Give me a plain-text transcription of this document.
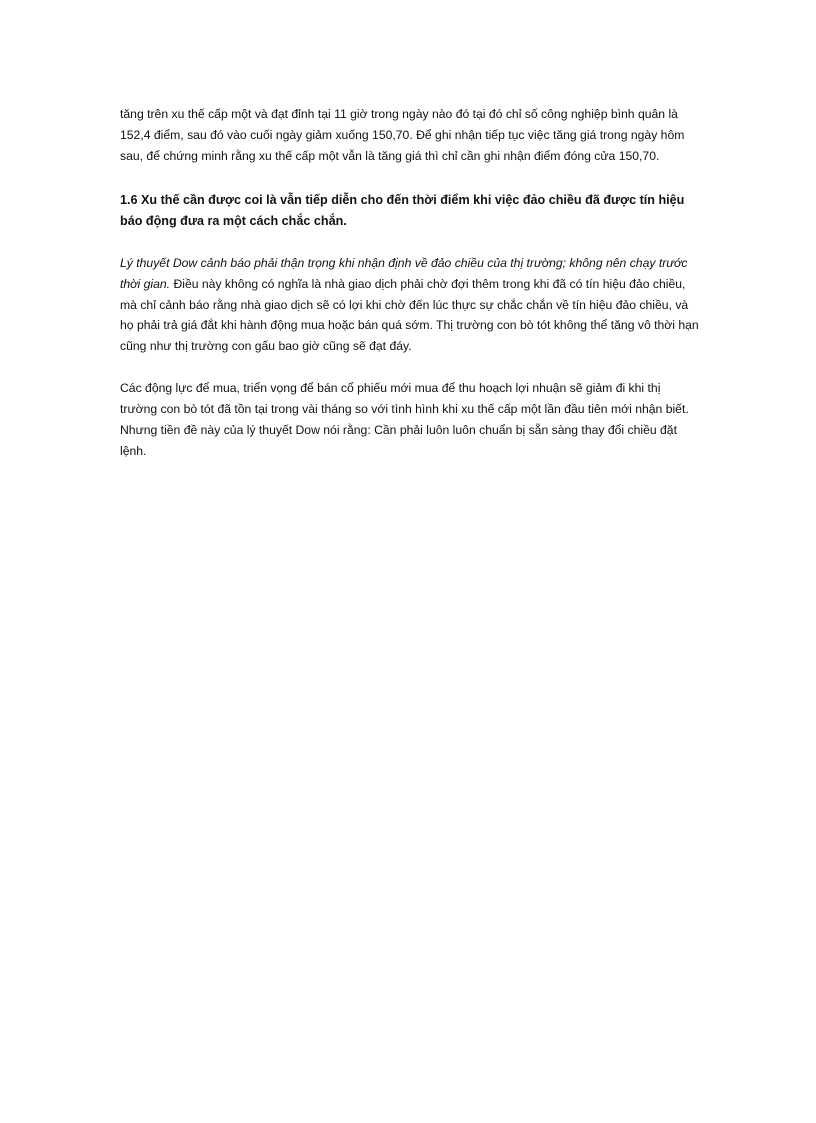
tăng trên xu thế cấp một và đạt đỉnh tại 11 giờ trong ngày nào đó tại đó chỉ số công nghiệp bình quân là 152,4 điểm, sau đó vào cuối ngày giảm xuống 150,70. Để ghi nhận tiếp tục việc tăng giá trong ngày hôm sau, để chứng minh rằng xu thế cấp một vẫn là tăng giá thì chỉ cần ghi nhận điểm đóng cửa 150,70.

1.6 Xu thế cần được coi là vẫn tiếp diễn cho đến thời điểm khi việc đảo chiều đã được tín hiệu báo động đưa ra một cách chắc chắn.

Lý thuyết Dow cảnh báo phải thận trọng khi nhận định về đảo chiều của thị trường; không nên chạy trước thời gian. Điều này không có nghĩa là nhà giao dịch phải chờ đợi thêm trong khi đã có tín hiệu đảo chiều, mà chỉ cảnh báo rằng nhà giao dịch sẽ có lợi khi chờ đến lúc thực sự chắc chắn về tín hiệu đảo chiều, và họ phải trả giá đắt khi hành động mua hoặc bán quá sớm. Thị trường con bò tót không thể tăng vô thời hạn cũng như thị trường con gấu bao giờ cũng sẽ đạt đáy.

Các động lực để mua, triển vọng để bán cổ phiếu mới mua để thu hoạch lợi nhuận sẽ giảm đi khi thị trường con bò tót đã tồn tại trong vài tháng so với tình hình khi xu thế cấp một lần đầu tiên mới nhận biết. Nhưng tiền đề này của lý thuyết Dow nói rằng: Cần phải luôn luôn chuẩn bị sẵn sàng thay đổi chiều đặt lệnh.
